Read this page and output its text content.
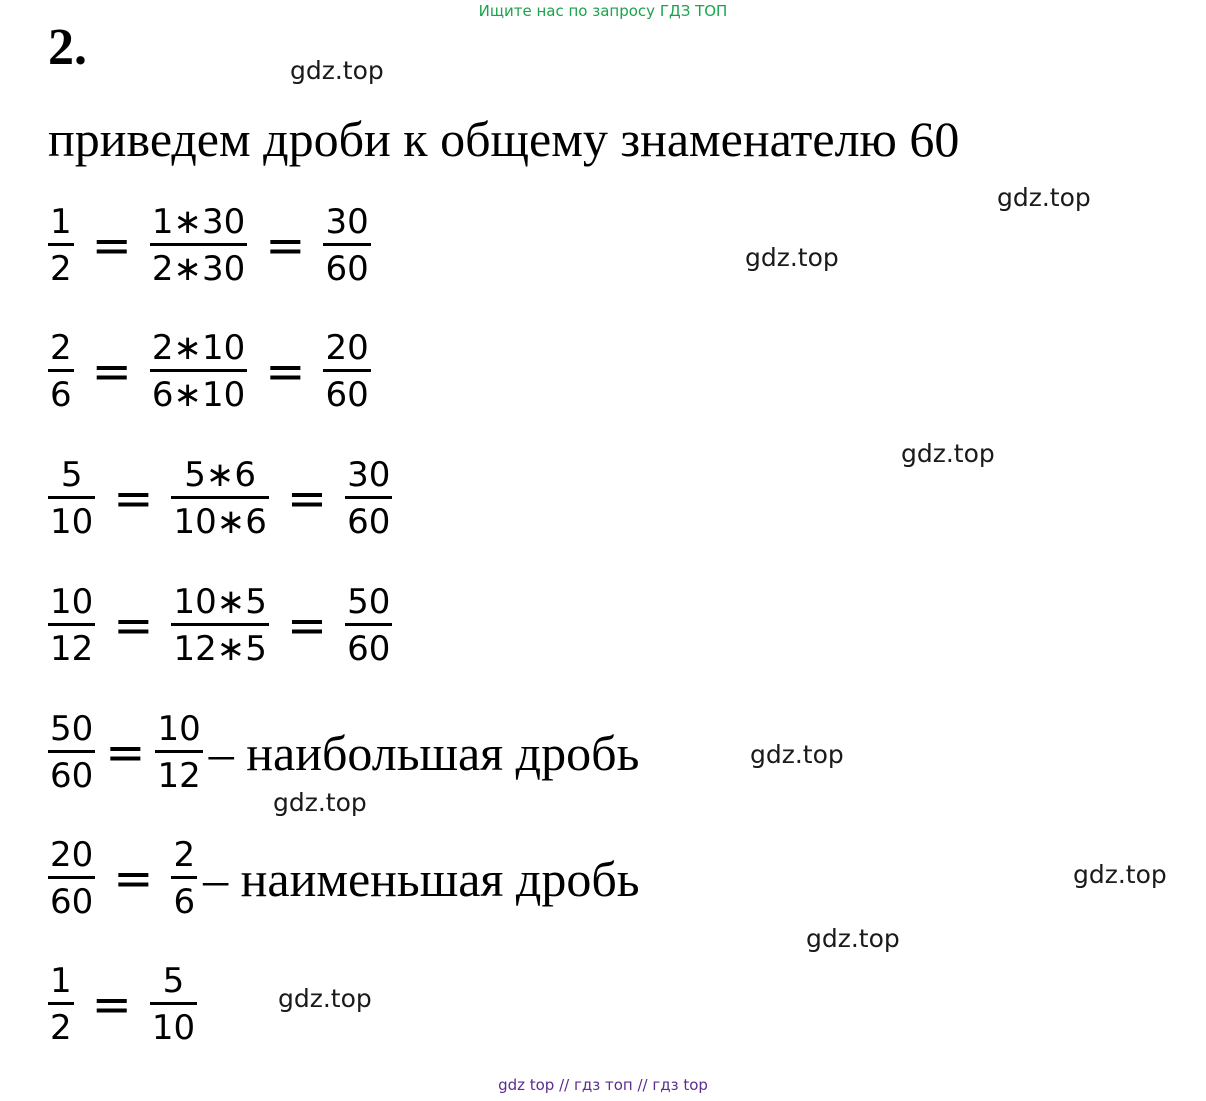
Ищите нас по запросу ГДЗ ТОП
2.	gdz.top
приведем дроби к общему знаменателю 60
gdz.top
gdz.top
gdz.top
$\frac{1}{2} = \frac{1∗30}{2∗30} = \frac{30}{60}$
$\frac{2}{6} = \frac{2∗10}{6∗10} = \frac{20}{60}$
$\frac{5}{10} = \frac{5∗6}{10∗6} = \frac{30}{60}$
$\frac{10}{12} = \frac{10∗5}{12∗5} = \frac{50}{60}$
$\frac{50}{60} = \frac{10}{12}$ – наибольшая дробь	gdz.top
gdz.top
$\frac{20}{60} = \frac{2}{6}$ – наименьшая дробь	gdz.top
gdz.top
gdz.top
$\frac{1}{2} = \frac{5}{10}$
gdz top // гдз топ // гдз top
